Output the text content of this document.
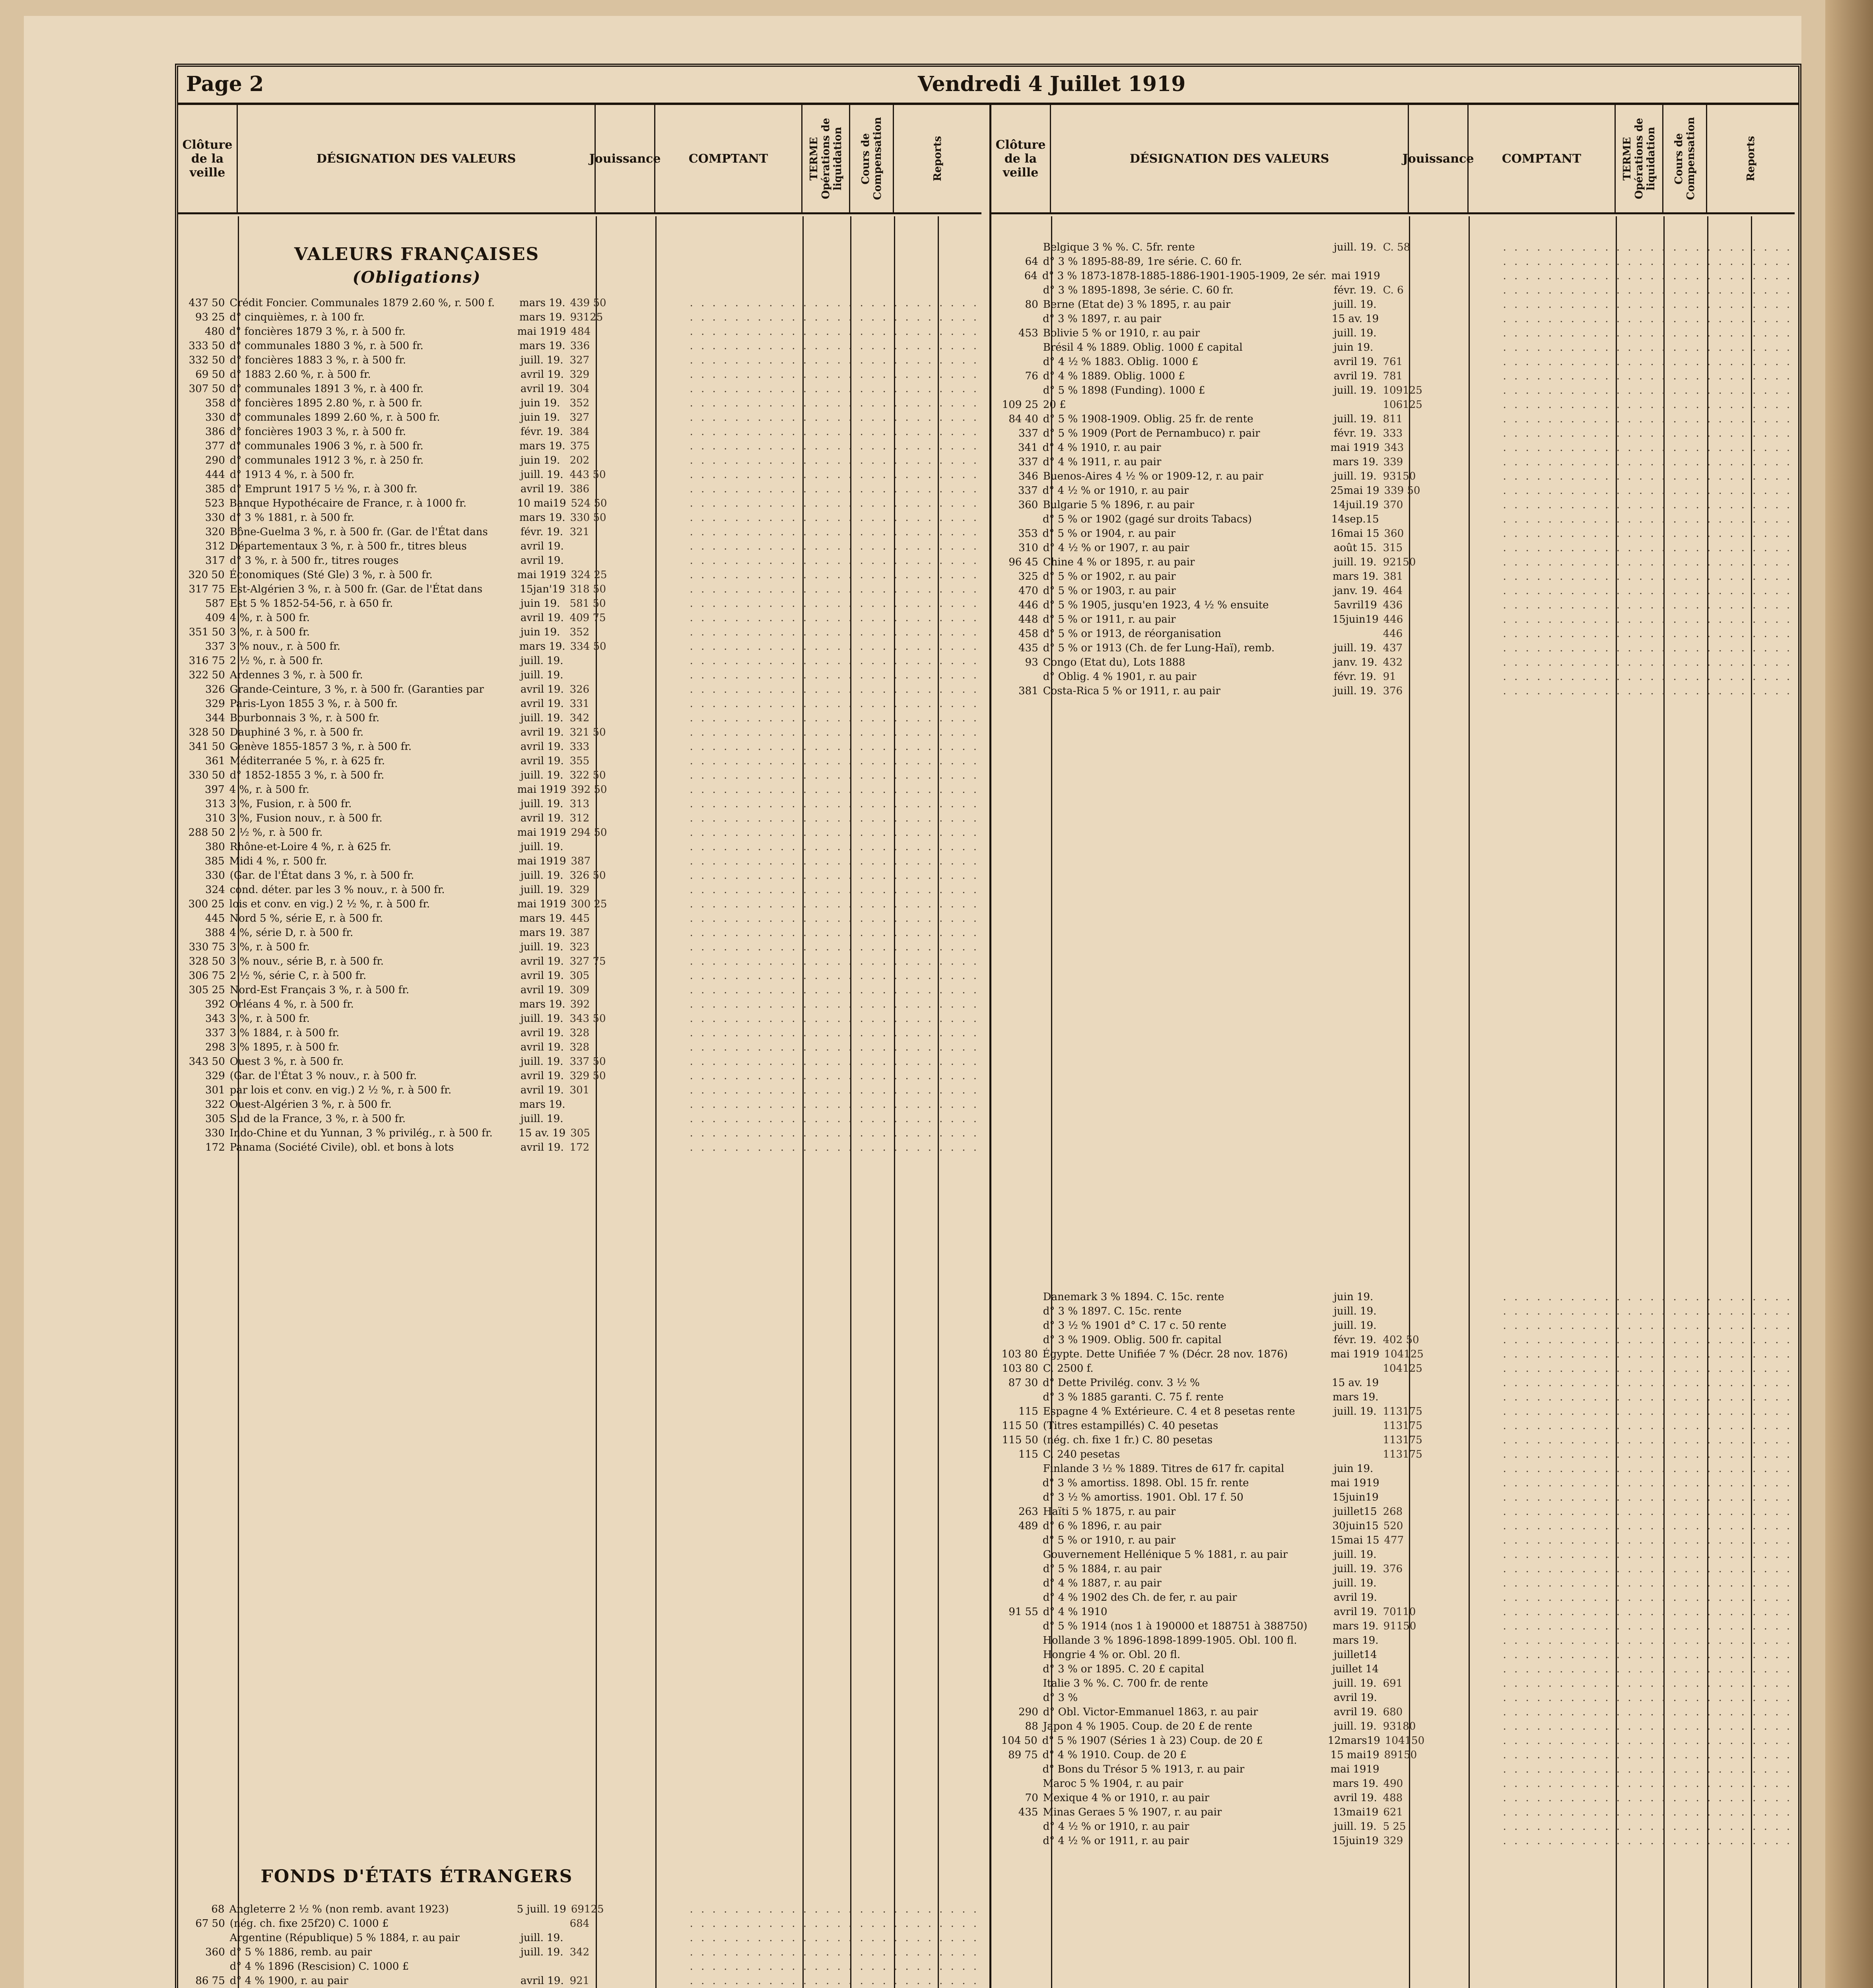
Page 2	Vendredi 4 Juillet 1919
Clôture de la veille
DÉSIGNATION DES VALEURS	Jouissance	COMPTANT	TERME Opérations de liquidation Cours de Compensation	Reports
VALEURS FRANÇAISES
(Obligations)
437 50 Crédit Foncier. Communales 1879 2.60 %, r. 500 f.	mars 19. 439 50	. . . . . . . . . . . . . . . . . . . . . . . . . .
93 25 d° cinquièmes, r. à 100 fr.	mars 19. 93125	. . . . . . . . . . . . . . . . . . . . . . . . . .
480 d° foncières 1879 3 %, r. à 500 fr.	mai 1919 484	. . . . . . . . . . . . . . . . . . . . . . . . . .
333 50 d° communales 1880 3 %, r. à 500 fr.	mars 19. 336	. . . . . . . . . . . . . . . . . . . . . . . . . .
332 50 d° foncières 1883 3 %, r. à 500 fr.	juill. 19. 327	. . . . . . . . . . . . . . . . . . . . . . . . . .
69 50 d° 1883 2.60 %, r. à 500 fr.	avril 19. 329	. . . . . . . . . . . . . . . . . . . . . . . . . .
307 50 d° communales 1891 3 %, r. à 400 fr.	avril 19. 304	. . . . . . . . . . . . . . . . . . . . . . . . . .
358 d° foncières 1895 2.80 %, r. à 500 fr.	juin 19. 352	. . . . . . . . . . . . . . . . . . . . . . . . . .
330 d° communales 1899 2.60 %, r. à 500 fr.	juin 19. 327	. . . . . . . . . . . . . . . . . . . . . . . . . .
386 d° foncières 1903 3 %, r. à 500 fr.	févr. 19. 384	. . . . . . . . . . . . . . . . . . . . . . . . . .
377 d° communales 1906 3 %, r. à 500 fr.	mars 19. 375	. . . . . . . . . . . . . . . . . . . . . . . . . .
290 d° communales 1912 3 %, r. à 250 fr.	juin 19. 202	. . . . . . . . . . . . . . . . . . . . . . . . . .
444 d° 1913 4 %, r. à 500 fr.	juill. 19. 443 50	. . . . . . . . . . . . . . . . . . . . . . . . . .
385 d° Emprunt 1917 5 ½ %, r. à 300 fr.	avril 19. 386	. . . . . . . . . . . . . . . . . . . . . . . . . .
523 Banque Hypothécaire de France, r. à 1000 fr.	10 mai19 524 50	. . . . . . . . . . . . . . . . . . . . . . . . . .
330 d° 3 % 1881, r. à 500 fr.	mars 19. 330 50	. . . . . . . . . . . . . . . . . . . . . . . . . .
320 Bône-Guelma 3 %, r. à 500 fr. (Gar. de l'État dans	févr. 19. 321	. . . . . . . . . . . . . . . . . . . . . . . . . .
312 Départementaux 3 %, r. à 500 fr., titres bleus	avril 19.	. . . . . . . . . . . . . . . . . . . . . . . . . .
317 d° 3 %, r. à 500 fr., titres rouges	avril 19.	. . . . . . . . . . . . . . . . . . . . . . . . . .
320 50 Économiques (Sté Gle) 3 %, r. à 500 fr.	mai 1919 324 25	. . . . . . . . . . . . . . . . . . . . . . . . . .
317 75 Est-Algérien 3 %, r. à 500 fr. (Gar. de l'État dans	15jan'19 318 50	. . . . . . . . . . . . . . . . . . . . . . . . . .
587 Est 5 % 1852-54-56, r. à 650 fr.	juin 19. 581 50	. . . . . . . . . . . . . . . . . . . . . . . . . .
409 4 %, r. à 500 fr.	avril 19. 409 75	. . . . . . . . . . . . . . . . . . . . . . . . . .
351 50 3 %, r. à 500 fr.	juin 19. 352	. . . . . . . . . . . . . . . . . . . . . . . . . .
337 3 % nouv., r. à 500 fr.	mars 19. 334 50	. . . . . . . . . . . . . . . . . . . . . . . . . .
316 75 2 ½ %, r. à 500 fr.	juill. 19.	. . . . . . . . . . . . . . . . . . . . . . . . . .
322 50 Ardennes 3 %, r. à 500 fr.	juill. 19.	. . . . . . . . . . . . . . . . . . . . . . . . . .
326 Grande-Ceinture, 3 %, r. à 500 fr. (Garanties par	avril 19. 326	. . . . . . . . . . . . . . . . . . . . . . . . . .
329 Paris-Lyon 1855 3 %, r. à 500 fr.	avril 19. 331	. . . . . . . . . . . . . . . . . . . . . . . . . .
344 Bourbonnais 3 %, r. à 500 fr.	juill. 19. 342	. . . . . . . . . . . . . . . . . . . . . . . . . .
328 50 Dauphiné 3 %, r. à 500 fr.	avril 19. 321 50	. . . . . . . . . . . . . . . . . . . . . . . . . .
341 50 Genève 1855-1857 3 %, r. à 500 fr.	avril 19. 333	. . . . . . . . . . . . . . . . . . . . . . . . . .
361 Méditerranée 5 %, r. à 625 fr.	avril 19. 355	. . . . . . . . . . . . . . . . . . . . . . . . . .
330 50 d° 1852-1855 3 %, r. à 500 fr.	juill. 19. 322 50	. . . . . . . . . . . . . . . . . . . . . . . . . .
397 4 %, r. à 500 fr.	mai 1919 392 50	. . . . . . . . . . . . . . . . . . . . . . . . . .
313 3 %, Fusion, r. à 500 fr.	juill. 19. 313	. . . . . . . . . . . . . . . . . . . . . . . . . .
310 3 %, Fusion nouv., r. à 500 fr.	avril 19. 312	. . . . . . . . . . . . . . . . . . . . . . . . . .
288 50 2 ½ %, r. à 500 fr.	mai 1919 294 50	. . . . . . . . . . . . . . . . . . . . . . . . . .
380 Rhône-et-Loire 4 %, r. à 625 fr.	juill. 19.	. . . . . . . . . . . . . . . . . . . . . . . . . .
385 Midi 4 %, r. 500 fr.	mai 1919 387	. . . . . . . . . . . . . . . . . . . . . . . . . .
330 (Gar. de l'État dans 3 %, r. à 500 fr.	juill. 19. 326 50	. . . . . . . . . . . . . . . . . . . . . . . . . .
324 cond. déter. par les 3 % nouv., r. à 500 fr.	juill. 19. 329	. . . . . . . . . . . . . . . . . . . . . . . . . .
300 25 lois et conv. en vig.) 2 ½ %, r. à 500 fr.	mai 1919 300 25	. . . . . . . . . . . . . . . . . . . . . . . . . .
445 Nord 5 %, série E, r. à 500 fr.	mars 19. 445	. . . . . . . . . . . . . . . . . . . . . . . . . .
388 4 %, série D, r. à 500 fr.	mars 19. 387	. . . . . . . . . . . . . . . . . . . . . . . . . .
330 75 3 %, r. à 500 fr.	juill. 19. 323	. . . . . . . . . . . . . . . . . . . . . . . . . .
328 50 3 % nouv., série B, r. à 500 fr.	avril 19. 327 75	. . . . . . . . . . . . . . . . . . . . . . . . . .
306 75 2 ½ %, série C, r. à 500 fr.	avril 19. 305	. . . . . . . . . . . . . . . . . . . . . . . . . .
305 25 Nord-Est Français 3 %, r. à 500 fr.	avril 19. 309	. . . . . . . . . . . . . . . . . . . . . . . . . .
392 Orléans 4 %, r. à 500 fr.	mars 19. 392	. . . . . . . . . . . . . . . . . . . . . . . . . .
343 3 %, r. à 500 fr.	juill. 19. 343 50	. . . . . . . . . . . . . . . . . . . . . . . . . .
337 3 % 1884, r. à 500 fr.	avril 19. 328	. . . . . . . . . . . . . . . . . . . . . . . . . .
298 3 % 1895, r. à 500 fr.	avril 19. 328	. . . . . . . . . . . . . . . . . . . . . . . . . .
343 50 Ouest 3 %, r. à 500 fr.	juill. 19. 337 50	. . . . . . . . . . . . . . . . . . . . . . . . . .
329 (Gar. de l'État 3 % nouv., r. à 500 fr.	avril 19. 329 50	. . . . . . . . . . . . . . . . . . . . . . . . . .
301 par lois et conv. en vig.) 2 ½ %, r. à 500 fr.	avril 19. 301	. . . . . . . . . . . . . . . . . . . . . . . . . .
322 Ouest-Algérien 3 %, r. à 500 fr.	mars 19.	. . . . . . . . . . . . . . . . . . . . . . . . . .
305 Sud de la France, 3 %, r. à 500 fr.	juill. 19.	. . . . . . . . . . . . . . . . . . . . . . . . . .
330 Indo-Chine et du Yunnan, 3 % privilég., r. à 500 fr.	15 av. 19 305	. . . . . . . . . . . . . . . . . . . . . . . . . .
172 Panama (Société Civile), obl. et bons à lots	avril 19. 172	. . . . . . . . . . . . . . . . . . . . . . . . . .
FONDS D'ÉTATS ÉTRANGERS
68 Angleterre 2 ½ % (non remb. avant 1923)	5 juill. 19 69125	. . . . . . . . . . . . . . . . . . . . . . . . . .
67 50 (nég. ch. fixe 25f20) C. 1000 £	684	. . . . . . . . . . . . . . . . . . . . . . . . . .
Argentine (République) 5 % 1884, r. au pair	juill. 19.	. . . . . . . . . . . . . . . . . . . . . . . . . .
360 d° 5 % 1886, remb. au pair	juill. 19. 342	. . . . . . . . . . . . . . . . . . . . . . . . . .
d° 4 % 1896 (Rescision) C. 1000 £	. . . . . . . . . . . . . . . . . . . . . . . . . .
86 75 d° 4 % 1900, r. au pair	avril 19. 921	. . . . . . . . . . . . . . . . . . . . . . . . . .
Clôture de la veille
DÉSIGNATION DES VALEURS	Jouissance	COMPTANT	TERME Opérations de liquidation Cours de Compensation	Reports
Belgique 3 % %. C. 5fr. rente	juill. 19. C. 58	. . . . . . . . . . . . . . . . . . . . . . . . . .
64 d° 3 % 1895-88-89, 1re série. C. 60 fr.	. . . . . . . . . . . . . . . . . . . . . . . . . .
64 d° 3 % 1873-1878-1885-1886-1901-1905-1909, 2e sér. mai 1919	. . . . . . . . . . . . . . . . . . . . . . . . . .
d° 3 % 1895-1898, 3e série. C. 60 fr.	févr. 19. C. 6	. . . . . . . . . . . . . . . . . . . . . . . . . .
80 Berne (Etat de) 3 % 1895, r. au pair	juill. 19.	. . . . . . . . . . . . . . . . . . . . . . . . . .
d° 3 % 1897, r. au pair	15 av. 19	. . . . . . . . . . . . . . . . . . . . . . . . . .
453 Bolivie 5 % or 1910, r. au pair	juill. 19.	. . . . . . . . . . . . . . . . . . . . . . . . . .
Brésil 4 % 1889. Oblig. 1000 £ capital	juin 19.	. . . . . . . . . . . . . . . . . . . . . . . . . .
d° 4 ½ % 1883. Oblig. 1000 £	avril 19. 761	. . . . . . . . . . . . . . . . . . . . . . . . . .
76 d° 4 % 1889. Oblig. 1000 £	avril 19. 781	. . . . . . . . . . . . . . . . . . . . . . . . . .
d° 5 % 1898 (Funding). 1000 £	juill. 19. 109125	. . . . . . . . . . . . . . . . . . . . . . . . . .
109 25 20 £	106125	. . . . . . . . . . . . . . . . . . . . . . . . . .
84 40 d° 5 % 1908-1909. Oblig. 25 fr. de rente	juill. 19. 811	. . . . . . . . . . . . . . . . . . . . . . . . . .
337 d° 5 % 1909 (Port de Pernambuco) r. pair	févr. 19. 333	. . . . . . . . . . . . . . . . . . . . . . . . . .
341 d° 4 % 1910, r. au pair	mai 1919 343	. . . . . . . . . . . . . . . . . . . . . . . . . .
337 d° 4 % 1911, r. au pair	mars 19. 339	. . . . . . . . . . . . . . . . . . . . . . . . . .
346 Buenos-Aires 4 ½ % or 1909-12, r. au pair	juill. 19. 93150	. . . . . . . . . . . . . . . . . . . . . . . . . .
337 d° 4 ½ % or 1910, r. au pair	25mai 19 339 50	. . . . . . . . . . . . . . . . . . . . . . . . . .
360 Bulgarie 5 % 1896, r. au pair	14juil.19 370	. . . . . . . . . . . . . . . . . . . . . . . . . .
d° 5 % or 1902 (gagé sur droits Tabacs)	14sep.15	. . . . . . . . . . . . . . . . . . . . . . . . . .
353 d° 5 % or 1904, r. au pair	16mai 15 360	. . . . . . . . . . . . . . . . . . . . . . . . . .
310 d° 4 ½ % or 1907, r. au pair	août 15. 315	. . . . . . . . . . . . . . . . . . . . . . . . . .
96 45 Chine 4 % or 1895, r. au pair	juill. 19. 92150	. . . . . . . . . . . . . . . . . . . . . . . . . .
325 d° 5 % or 1902, r. au pair	mars 19. 381	. . . . . . . . . . . . . . . . . . . . . . . . . .
470 d° 5 % or 1903, r. au pair	janv. 19. 464	. . . . . . . . . . . . . . . . . . . . . . . . . .
446 d° 5 % 1905, jusqu'en 1923, 4 ½ % ensuite	5avril19 436	. . . . . . . . . . . . . . . . . . . . . . . . . .
448 d° 5 % or 1911, r. au pair	15juin19 446	. . . . . . . . . . . . . . . . . . . . . . . . . .
458 d° 5 % or 1913, de réorganisation	446	. . . . . . . . . . . . . . . . . . . . . . . . . .
435 d° 5 % or 1913 (Ch. de fer Lung-Haï), remb.	juill. 19. 437	. . . . . . . . . . . . . . . . . . . . . . . . . .
93 Congo (Etat du), Lots 1888	janv. 19. 432	. . . . . . . . . . . . . . . . . . . . . . . . . .
d° Oblig. 4 % 1901, r. au pair	févr. 19. 91	. . . . . . . . . . . . . . . . . . . . . . . . . .
381 Costa-Rica 5 % or 1911, r. au pair	juill. 19. 376	. . . . . . . . . . . . . . . . . . . . . . . . . .
Danemark 3 % 1894. C. 15c. rente	juin 19.	. . . . . . . . . . . . . . . . . . . . . . . . . .
d° 3 % 1897. C. 15c. rente	juill. 19.	. . . . . . . . . . . . . . . . . . . . . . . . . .
d° 3 ½ % 1901 d° C. 17 c. 50 rente	juill. 19.	. . . . . . . . . . . . . . . . . . . . . . . . . .
d° 3 % 1909. Oblig. 500 fr. capital	févr. 19. 402 50	. . . . . . . . . . . . . . . . . . . . . . . . . .
103 80 Égypte. Dette Unifiée 7 % (Décr. 28 nov. 1876)	mai 1919 104125	. . . . . . . . . . . . . . . . . . . . . . . . . .
103 80 C. 2500 f.	104125	. . . . . . . . . . . . . . . . . . . . . . . . . .
87 30 d° Dette Privilég. conv. 3 ½ %	15 av. 19	. . . . . . . . . . . . . . . . . . . . . . . . . .
d° 3 % 1885 garanti. C. 75 f. rente	mars 19.	. . . . . . . . . . . . . . . . . . . . . . . . . .
115 Espagne 4 % Extérieure. C. 4 et 8 pesetas rente	juill. 19. 113175	. . . . . . . . . . . . . . . . . . . . . . . . . .
115 50 (Titres estampillés) C. 40 pesetas	113175	. . . . . . . . . . . . . . . . . . . . . . . . . .
115 50 (nég. ch. fixe 1 fr.) C. 80 pesetas	113175	. . . . . . . . . . . . . . . . . . . . . . . . . .
115 C. 240 pesetas	113175	. . . . . . . . . . . . . . . . . . . . . . . . . .
Finlande 3 ½ % 1889. Titres de 617 fr. capital	juin 19.	. . . . . . . . . . . . . . . . . . . . . . . . . .
d° 3 % amortiss. 1898. Obl. 15 fr. rente	mai 1919	. . . . . . . . . . . . . . . . . . . . . . . . . .
d° 3 ½ % amortiss. 1901. Obl. 17 f. 50	15juin19	. . . . . . . . . . . . . . . . . . . . . . . . . .
263 Haïti 5 % 1875, r. au pair	juillet15 268	. . . . . . . . . . . . . . . . . . . . . . . . . .
489 d° 6 % 1896, r. au pair	30juin15 520	. . . . . . . . . . . . . . . . . . . . . . . . . .
d° 5 % or 1910, r. au pair	15mai 15 477	. . . . . . . . . . . . . . . . . . . . . . . . . .
Gouvernement Hellénique 5 % 1881, r. au pair	juill. 19.	. . . . . . . . . . . . . . . . . . . . . . . . . .
d° 5 % 1884, r. au pair	juill. 19. 376	. . . . . . . . . . . . . . . . . . . . . . . . . .
d° 4 % 1887, r. au pair	juill. 19.	. . . . . . . . . . . . . . . . . . . . . . . . . .
d° 4 % 1902 des Ch. de fer, r. au pair	avril 19.	. . . . . . . . . . . . . . . . . . . . . . . . . .
91 55 d° 4 % 1910	avril 19. 70110	. . . . . . . . . . . . . . . . . . . . . . . . . .
d° 5 % 1914 (nos 1 à 190000 et 188751 à 388750)	mars 19. 91150	. . . . . . . . . . . . . . . . . . . . . . . . . .
Hollande 3 % 1896-1898-1899-1905. Obl. 100 fl.	mars 19.	. . . . . . . . . . . . . . . . . . . . . . . . . .
Hongrie 4 % or. Obl. 20 fl.	juillet14	. . . . . . . . . . . . . . . . . . . . . . . . . .
d° 3 % or 1895. C. 20 £ capital	juillet 14	. . . . . . . . . . . . . . . . . . . . . . . . . .
Italie 3 % %. C. 700 fr. de rente	juill. 19. 691	. . . . . . . . . . . . . . . . . . . . . . . . . .
d° 3 %	avril 19.	. . . . . . . . . . . . . . . . . . . . . . . . . .
290 d° Obl. Victor-Emmanuel 1863, r. au pair	avril 19. 680	. . . . . . . . . . . . . . . . . . . . . . . . . .
88 Japon 4 % 1905. Coup. de 20 £ de rente	juill. 19. 93180	. . . . . . . . . . . . . . . . . . . . . . . . . .
104 50 d° 5 % 1907 (Séries 1 à 23) Coup. de 20 £	12mars19 104150	. . . . . . . . . . . . . . . . . . . . . . . . . .
89 75 d° 4 % 1910. Coup. de 20 £	15 mai19 89150	. . . . . . . . . . . . . . . . . . . . . . . . . .
d° Bons du Trésor 5 % 1913, r. au pair	mai 1919	. . . . . . . . . . . . . . . . . . . . . . . . . .
Maroc 5 % 1904, r. au pair	mars 19. 490	. . . . . . . . . . . . . . . . . . . . . . . . . .
70 Mexique 4 % or 1910, r. au pair	avril 19. 488	. . . . . . . . . . . . . . . . . . . . . . . . . .
435 Minas Geraes 5 % 1907, r. au pair	13mai19 621	. . . . . . . . . . . . . . . . . . . . . . . . . .
d° 4 ½ % or 1910, r. au pair	juill. 19. 5 25	. . . . . . . . . . . . . . . . . . . . . . . . . .
d° 4 ½ % or 1911, r. au pair	15juin19 329	. . . . . . . . . . . . . . . . . . . . . . . . . .
